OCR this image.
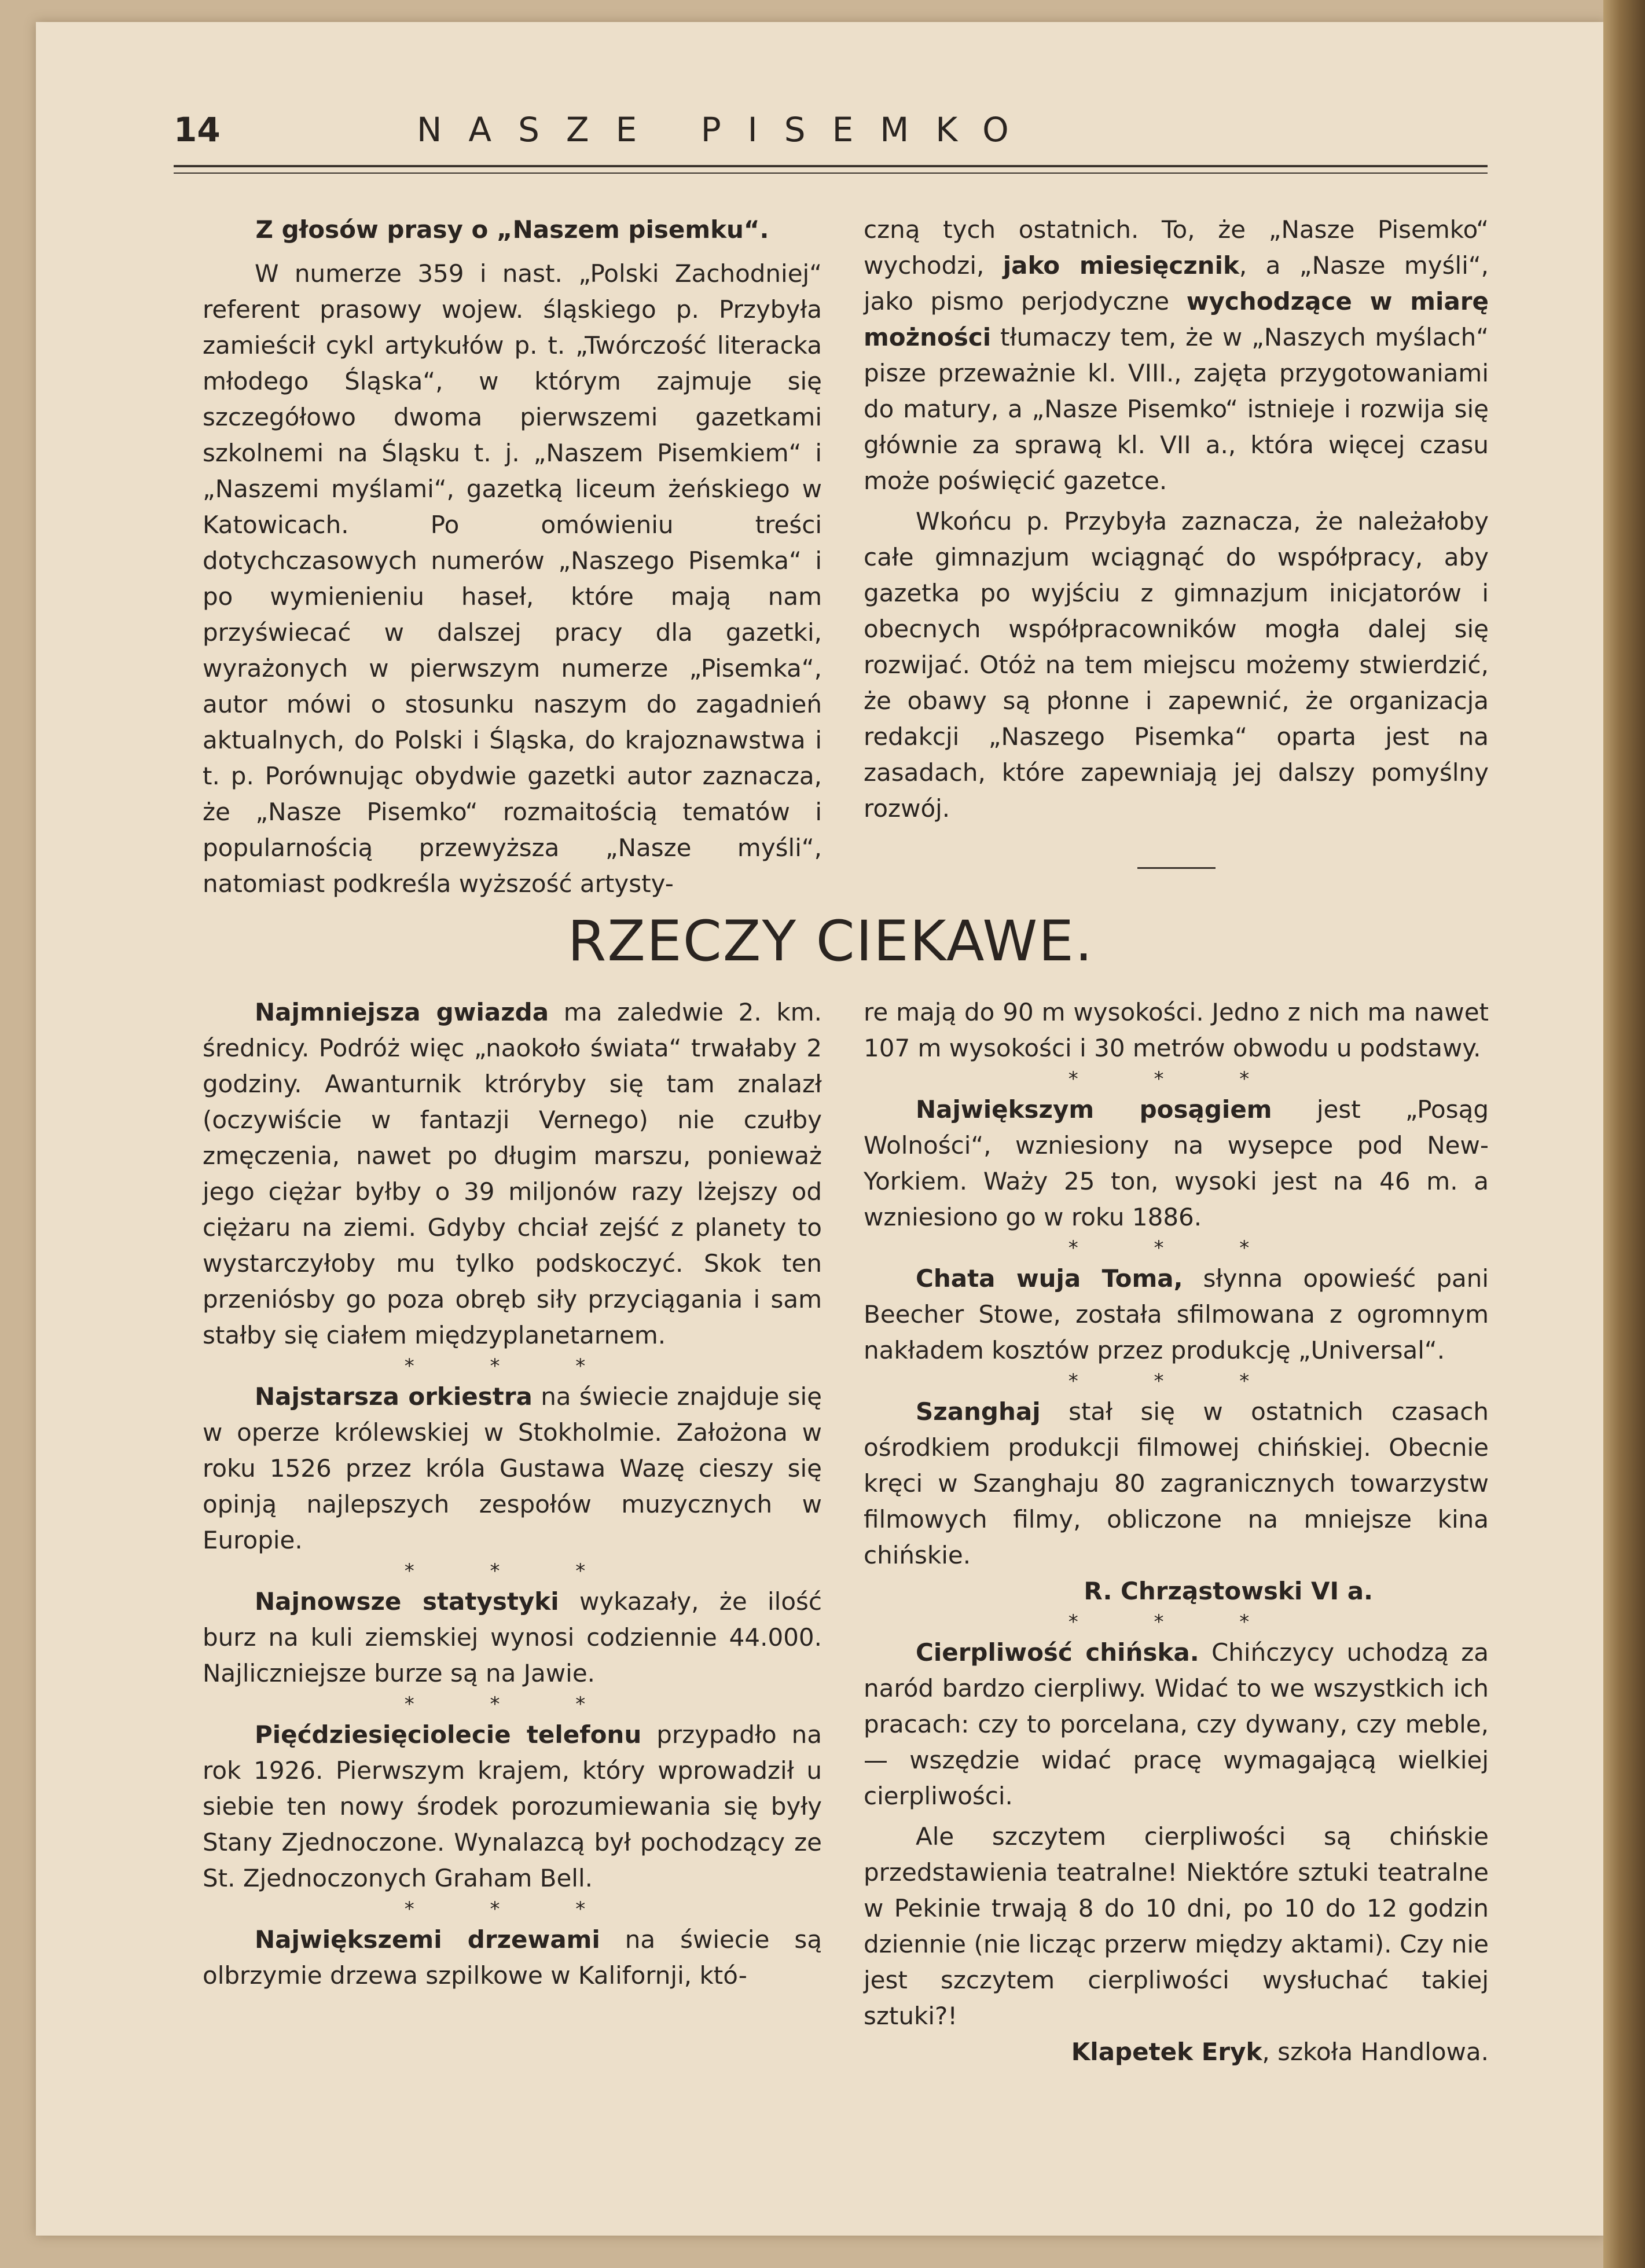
14	NASZE PISEMKO

Z głosów prasy o „Naszem pisemku“.

W numerze 359 i nast. „Polski Zachodniej“ referent prasowy wojew. śląskiego p. Przybyła zamieścił cykl artykułów p. t. „Twórczość literacka młodego Śląska“, w którym zajmuje się szczegółowo dwoma pierwszemi gazetkami szkolnemi na Śląsku t. j. „Naszem Pisemkiem“ i „Naszemi myślami“, gazetką liceum żeńskiego w Katowicach. Po omówieniu treści dotychczasowych numerów „Naszego Pisemka“ i po wymienieniu haseł, które mają nam przyświecać w dalszej pracy dla gazetki, wyrażonych w pierwszym numerze „Pisemka“, autor mówi o stosunku naszym do zagadnień aktualnych, do Polski i Śląska, do krajoznawstwa i t. p. Porównując obydwie gazetki autor zaznacza, że „Nasze Pisemko“ rozmaitością tematów i popularnością przewyższa „Nasze myśli“, natomiast podkreśla wyższość artysty-

czną tych ostatnich. To, że „Nasze Pisemko“ wychodzi, jako miesięcznik, a „Nasze myśli“, jako pismo perjodyczne wychodzące w miarę możności tłumaczy tem, że w „Naszych myślach“ pisze przeważnie kl. VIII., zajęta przygotowaniami do matury, a „Nasze Pisemko“ istnieje i rozwija się głównie za sprawą kl. VII a., która więcej czasu może poświęcić gazetce.

Wkońcu p. Przybyła zaznacza, że należałoby całe gimnazjum wciągnąć do współpracy, aby gazetka po wyjściu z gimnazjum inicjatorów i obecnych współpracowników mogła dalej się rozwijać. Otóż na tem miejscu możemy stwierdzić, że obawy są płonne i zapewnić, że organizacja redakcji „Naszego Pisemka“ oparta jest na zasadach, które zapewniają jej dalszy pomyślny rozwój.

RZECZY CIEKAWE.

Najmniejsza gwiazda ma zaledwie 2. km. średnicy. Podróż więc „naokoło świata“ trwałaby 2 godziny. Awanturnik ktróryby się tam znalazł (oczywiście w fantazji Vernego) nie czułby zmęczenia, nawet po długim marszu, ponieważ jego ciężar byłby o 39 miljonów razy lżejszy od ciężaru na ziemi. Gdyby chciał zejść z planety to wystarczyłoby mu tylko podskoczyć. Skok ten przeniósby go poza obręb siły przyciągania i sam stałby się ciałem międzyplanetarnem.

* * *

Najstarsza orkiestra na świecie znajduje się w operze królewskiej w Stokholmie. Założona w roku 1526 przez króla Gustawa Wazę cieszy się opinją najlepszych zespołów muzycznych w Europie.

* * *

Najnowsze statystyki wykazały, że ilość burz na kuli ziemskiej wynosi codziennie 44.000. Najliczniejsze burze są na Jawie.

* * *

Pięćdziesięciolecie telefonu przypadło na rok 1926. Pierwszym krajem, który wprowadził u siebie ten nowy środek porozumiewania się były Stany Zjednoczone. Wynalazcą był pochodzący ze St. Zjednoczonych Graham Bell.

* * *

Największemi drzewami na świecie są olbrzymie drzewa szpilkowe w Kalifornji, któ-

re mają do 90 m wysokości. Jedno z nich ma nawet 107 m wysokości i 30 metrów obwodu u podstawy.

* * *

Największym posągiem jest „Posąg Wolności“, wzniesiony na wysepce pod New-Yorkiem. Waży 25 ton, wysoki jest na 46 m. a wzniesiono go w roku 1886.

* * *

Chata wuja Toma, słynna opowieść pani Beecher Stowe, została sfilmowana z ogromnym nakładem kosztów przez produkcję „Universal“.

* * *

Szanghaj stał się w ostatnich czasach ośrodkiem produkcji filmowej chińskiej. Obecnie kręci w Szanghaju 80 zagranicznych towarzystw filmowych filmy, obliczone na mniejsze kina chińskie.

R. Chrząstowski VI a.

* * *

Cierpliwość chińska. Chińczycy uchodzą za naród bardzo cierpliwy. Widać to we wszystkich ich pracach: czy to porcelana, czy dywany, czy meble, — wszędzie widać pracę wymagającą wielkiej cierpliwości.

Ale szczytem cierpliwości są chińskie przedstawienia teatralne! Niektóre sztuki teatralne w Pekinie trwają 8 do 10 dni, po 10 do 12 godzin dziennie (nie licząc przerw między aktami). Czy nie jest szczytem cierpliwości wysłuchać takiej sztuki?!

Klapetek Eryk, szkoła Handlowa.
